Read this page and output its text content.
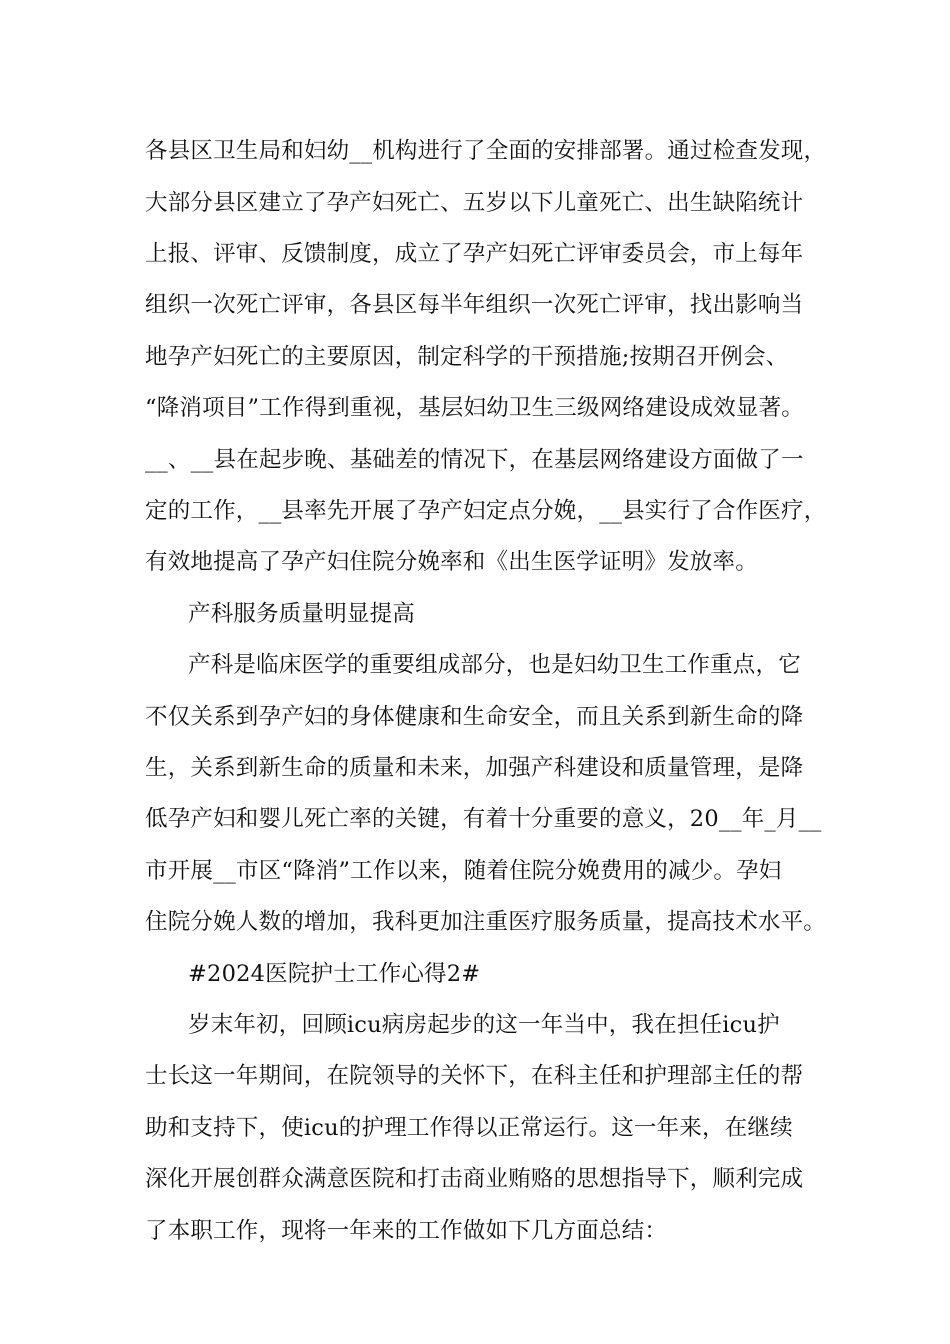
各县区卫生局和妇幼__机构进行了全面的安排部署。通过检查发现，
大部分县区建立了孕产妇死亡、五岁以下儿童死亡、出生缺陷统计
上报、评审、反馈制度，成立了孕产妇死亡评审委员会，市上每年
组织一次死亡评审，各县区每半年组织一次死亡评审，找出影响当
地孕产妇死亡的主要原因，制定科学的干预措施;按期召开例会、
“降消项目”工作得到重视，基层妇幼卫生三级网络建设成效显著。
__、__县在起步晚、基础差的情况下，在基层网络建设方面做了一
定的工作，__县率先开展了孕产妇定点分娩，__县实行了合作医疗，
有效地提高了孕产妇住院分娩率和《出生医学证明》发放率。
产科服务质量明显提高
产科是临床医学的重要组成部分，也是妇幼卫生工作重点，它
不仅关系到孕产妇的身体健康和生命安全，而且关系到新生命的降
生，关系到新生命的质量和未来，加强产科建设和质量管理，是降
低孕产妇和婴儿死亡率的关键，有着十分重要的意义，20__年_月__
市开展__市区“降消”工作以来，随着住院分娩费用的减少。孕妇
住院分娩人数的增加，我科更加注重医疗服务质量，提高技术水平。
#2024医院护士工作心得2#
岁末年初，回顾icu病房起步的这一年当中，我在担任icu护
士长这一年期间，在院领导的关怀下，在科主任和护理部主任的帮
助和支持下，使icu的护理工作得以正常运行。这一年来，在继续
深化开展创群众满意医院和打击商业贿赂的思想指导下，顺利完成
了本职工作，现将一年来的工作做如下几方面总结：
